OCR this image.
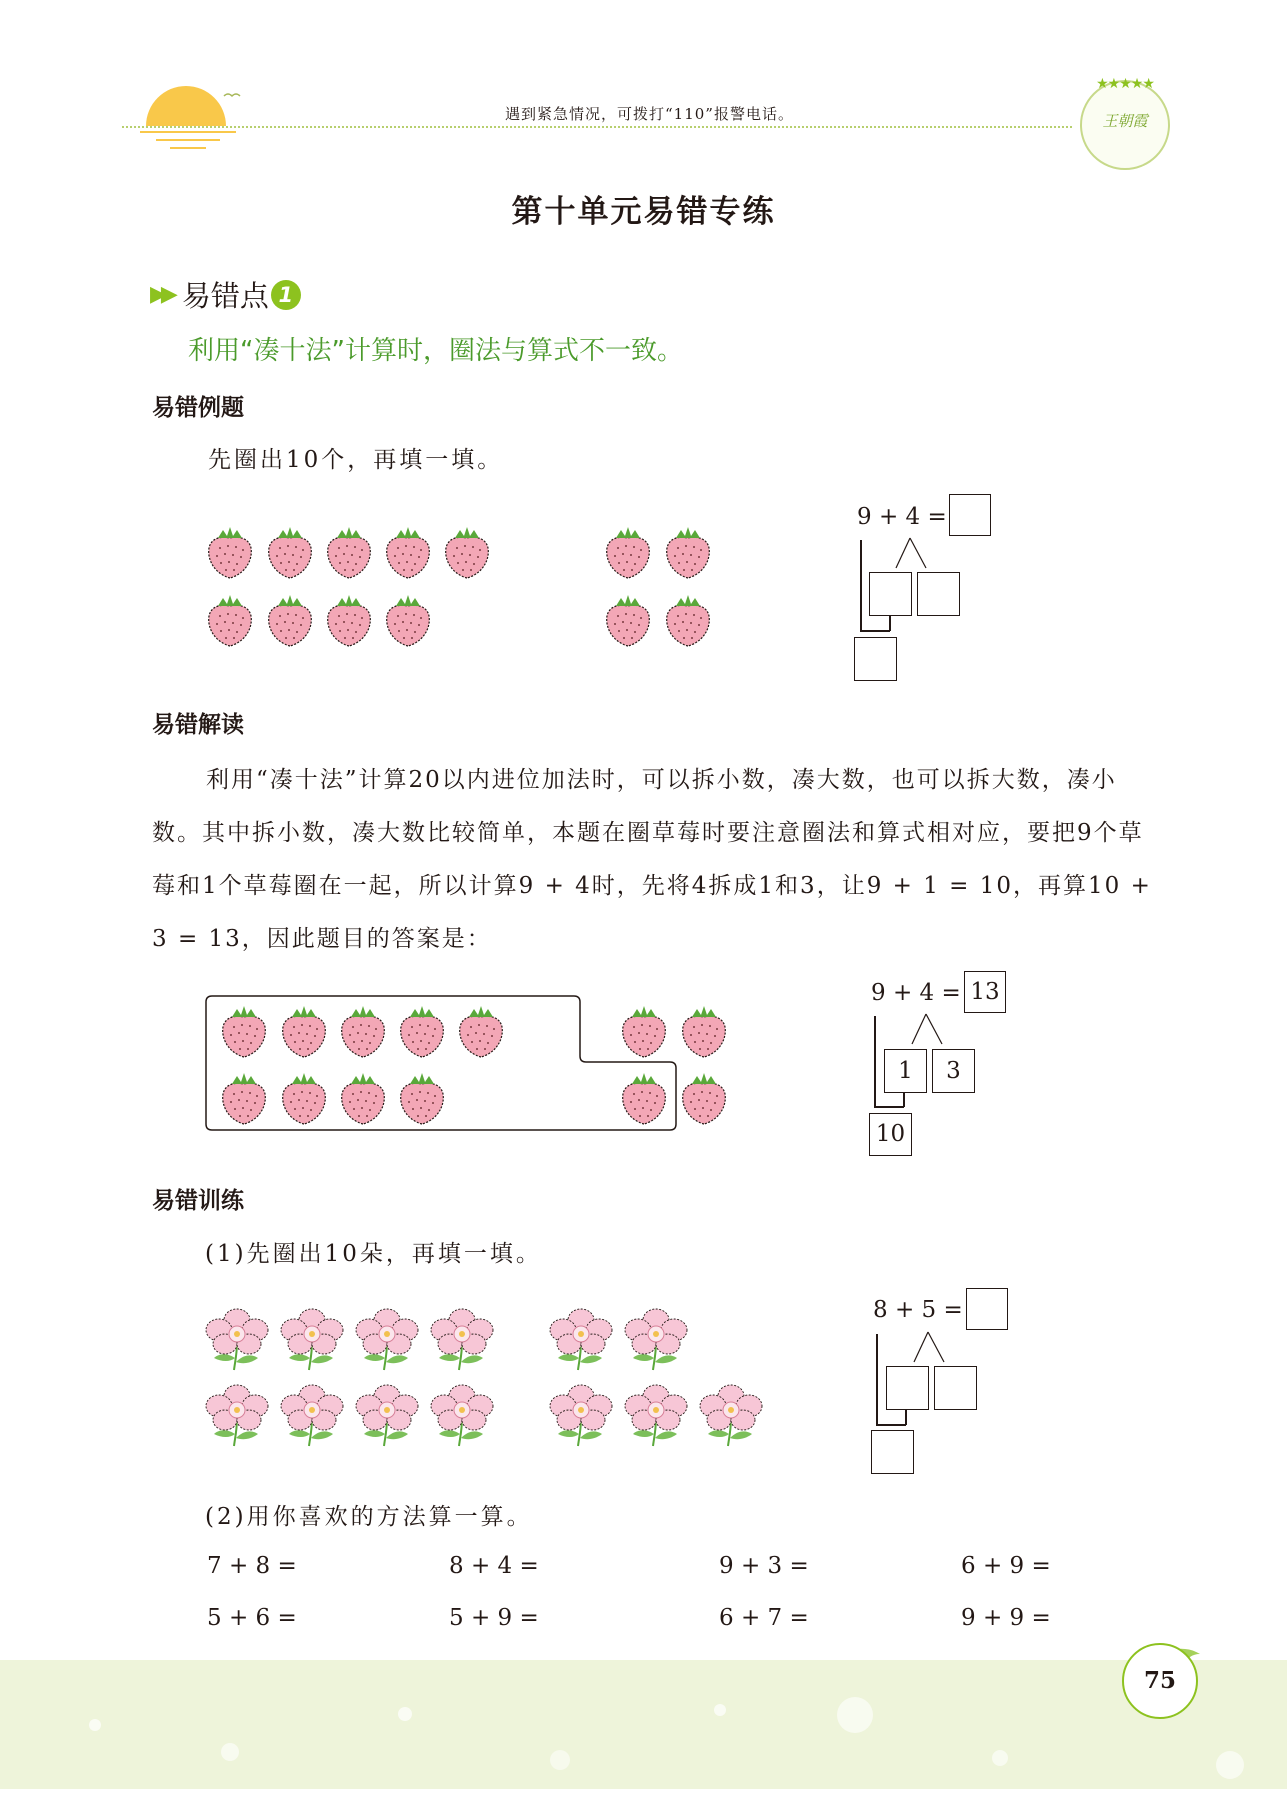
遇到紧急情况，可拨打“110”报警电话。
★★★★★
王朝霞
第十单元易错专练
▶▶ 易错点 1
利用“凑十法”计算时，圈法与算式不一致。
易错例题
先圈出10个，再填一填。
9 + 4 =
易错解读
利用“凑十法”计算20以内进位加法时，可以拆小数，凑大数，也可以拆大数，凑小数。其中拆小数，凑大数比较简单，本题在圈草莓时要注意圈法和算式相对应，要把9个草莓和1个草莓圈在一起，所以计算9 + 4时，先将4拆成1和3，让9 + 1 = 10，再算10 + 3 = 13，因此题目的答案是：
9 + 4 = 13
1	3
10
易错训练
(1)先圈出10朵，再填一填。
8 + 5 =
(2)用你喜欢的方法算一算。
7 + 8 =	8 + 4 =	9 + 3 =	6 + 9 =
5 + 6 =	5 + 9 =	6 + 7 =	9 + 9 =
75
